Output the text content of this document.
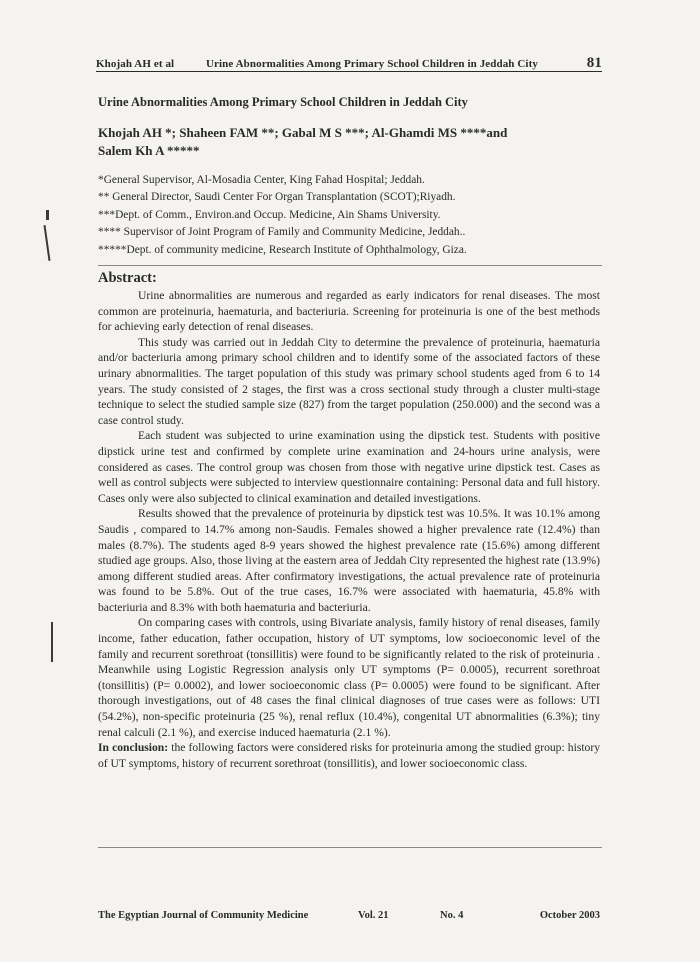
Khojah AH et al	Urine Abnormalities Among Primary School Children in Jeddah City	81
Urine Abnormalities Among Primary School Children in Jeddah City
Khojah AH *; Shaheen FAM **; Gabal M S ***; Al-Ghamdi MS ****and
Salem Kh A *****
*General Supervisor, Al-Mosadia Center, King Fahad Hospital; Jeddah.
** General Director, Saudi Center For Organ Transplantation (SCOT);Riyadh.
***Dept. of Comm., Environ.and Occup. Medicine, Ain Shams University.
**** Supervisor of Joint Program of Family and Community Medicine, Jeddah..
*****Dept. of community medicine, Research Institute of Ophthalmology, Giza.
Abstract:

Urine abnormalities are numerous and regarded as early indicators for renal diseases. The most common are proteinuria, haematuria, and bacteriuria. Screening for proteinuria is one of the best methods for achieving early detection of renal diseases.

This study was carried out in Jeddah City to determine the prevalence of proteinuria, haematuria and/or bacteriuria among primary school children and to identify some of the associated factors of these urinary abnormalities. The target population of this study was primary school students aged from 6 to 14 years. The study consisted of 2 stages, the first was a cross sectional study through a cluster multi-stage technique to select the studied sample size (827) from the target population (250.000) and the second was a case control study.

Each student was subjected to urine examination using the dipstick test. Students with positive dipstick urine test and confirmed by complete urine examination and 24-hours urine analysis, were considered as cases. The control group was chosen from those with negative urine dipstick test. Cases as well as control subjects were subjected to interview questionnaire containing: Personal data and full history. Cases only were also subjected to clinical examination and detailed investigations.

Results showed that the prevalence of proteinuria by dipstick test was 10.5%. It was 10.1% among Saudis , compared to 14.7% among non-Saudis. Females showed a higher prevalence rate (12.4%) than males (8.7%). The students aged 8-9 years showed the highest prevalence rate (15.6%) among different studied age groups. Also, those living at the eastern area of Jeddah City represented the highest rate (13.9%) among different studied areas. After confirmatory investigations, the actual prevalence rate of proteinuria was found to be 5.8%. Out of the true cases, 16.7% were associated with haematuria, 45.8% with bacteriuria and 8.3% with both haematuria and bacteriuria.

On comparing cases with controls, using Bivariate analysis, family history of renal diseases, family income, father education, father occupation, history of UT symptoms, low socioeconomic level of the family and recurrent sorethroat (tonsillitis) were found to be significantly related to the risk of proteinuria . Meanwhile using Logistic Regression analysis only UT symptoms (P= 0.0005), recurrent sorethroat (tonsillitis) (P= 0.0002), and lower socioeconomic class (P= 0.0005) were found to be significant. After thorough investigations, out of 48 cases the final clinical diagnoses of true cases were as follows: UTI (54.2%), non-specific proteinuria (25 %), renal reflux (10.4%), congenital UT abnormalities (6.3%); tiny renal calculi (2.1 %), and exercise induced haematuria (2.1 %).

In conclusion: the following factors were considered risks for proteinuria among the studied group: history of UT symptoms, history of recurrent sorethroat (tonsillitis), and lower socioeconomic class.

The Egyptian Journal of Community Medicine	Vol. 21	No. 4	October 2003
